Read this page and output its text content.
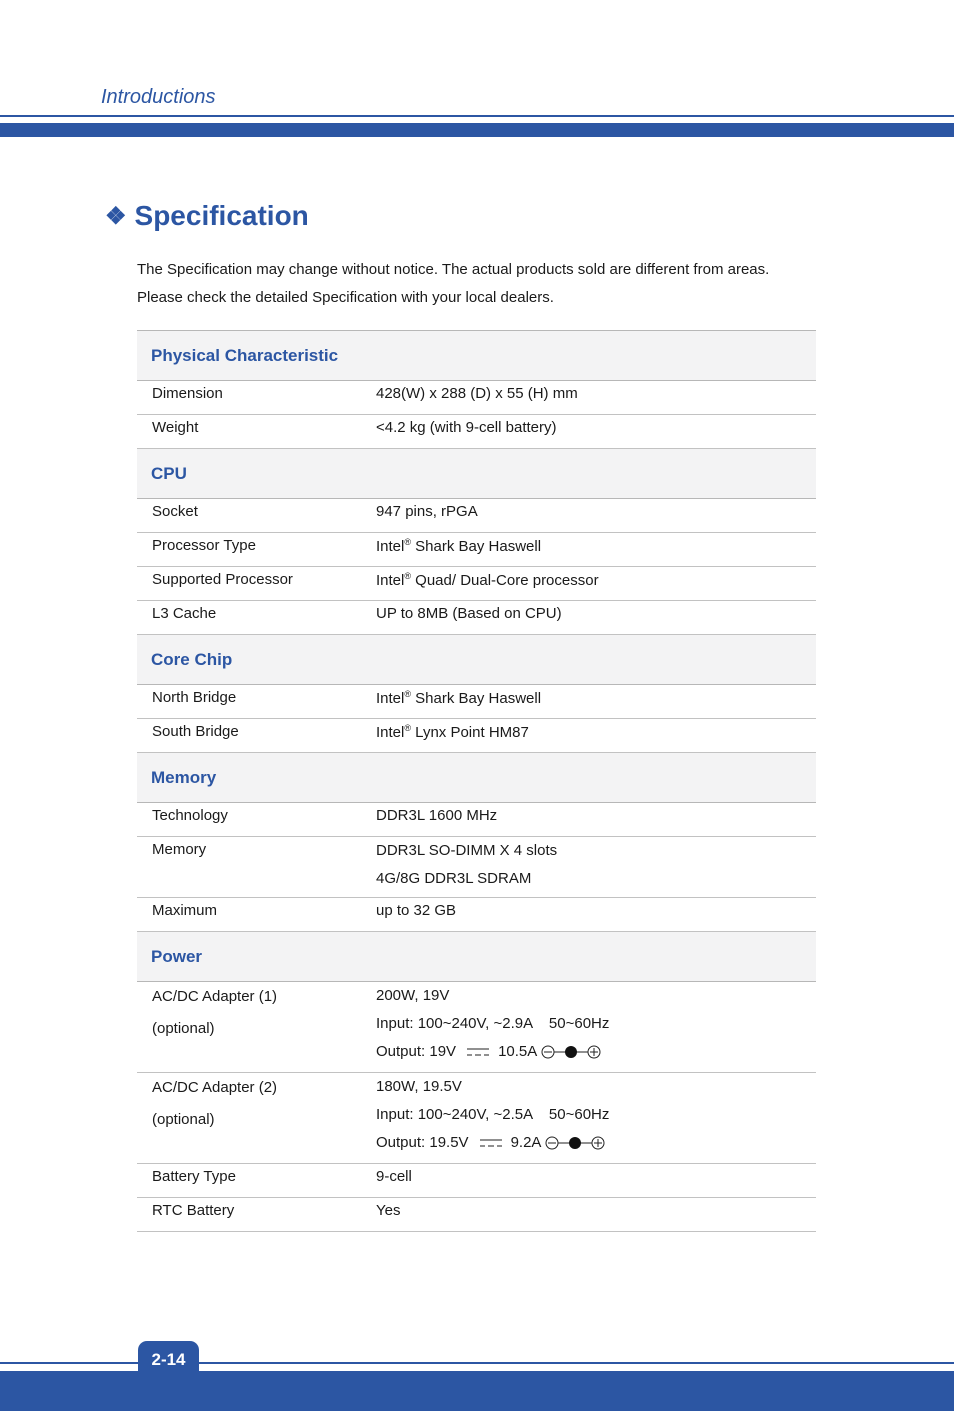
Introductions
❖ Specification
The Specification may change without notice. The actual products sold are different from areas.
Please check the detailed Specification with your local dealers.
Physical Characteristic	
Dimension	428(W) x 288 (D) x 55 (H) mm
Weight	<4.2 kg (with 9-cell battery)
CPU	
Socket	947 pins, rPGA
Processor Type	Intel® Shark Bay Haswell
Supported Processor	Intel® Quad/ Dual-Core processor
L3 Cache	UP to 8MB (Based on CPU)
Core Chip	
North Bridge	Intel® Shark Bay Haswell
South Bridge	Intel® Lynx Point HM87
Memory	
Technology	DDR3L 1600 MHz
Memory	DDR3L SO-DIMM X 4 slots
4G/8G DDR3L SDRAM

Maximum	up to 32 GB
Power	

AC/DC Adapter (1)
(optional)	200W, 19V
Input: 100~240V, ~2.9A    50~60Hz
Output: 19V 10.5A

AC/DC Adapter (2)
(optional)	180W, 19.5V
Input: 100~240V, ~2.5A    50~60Hz
Output: 19.5V 9.2A

Battery Type	9-cell
RTC Battery	Yes
2-14
